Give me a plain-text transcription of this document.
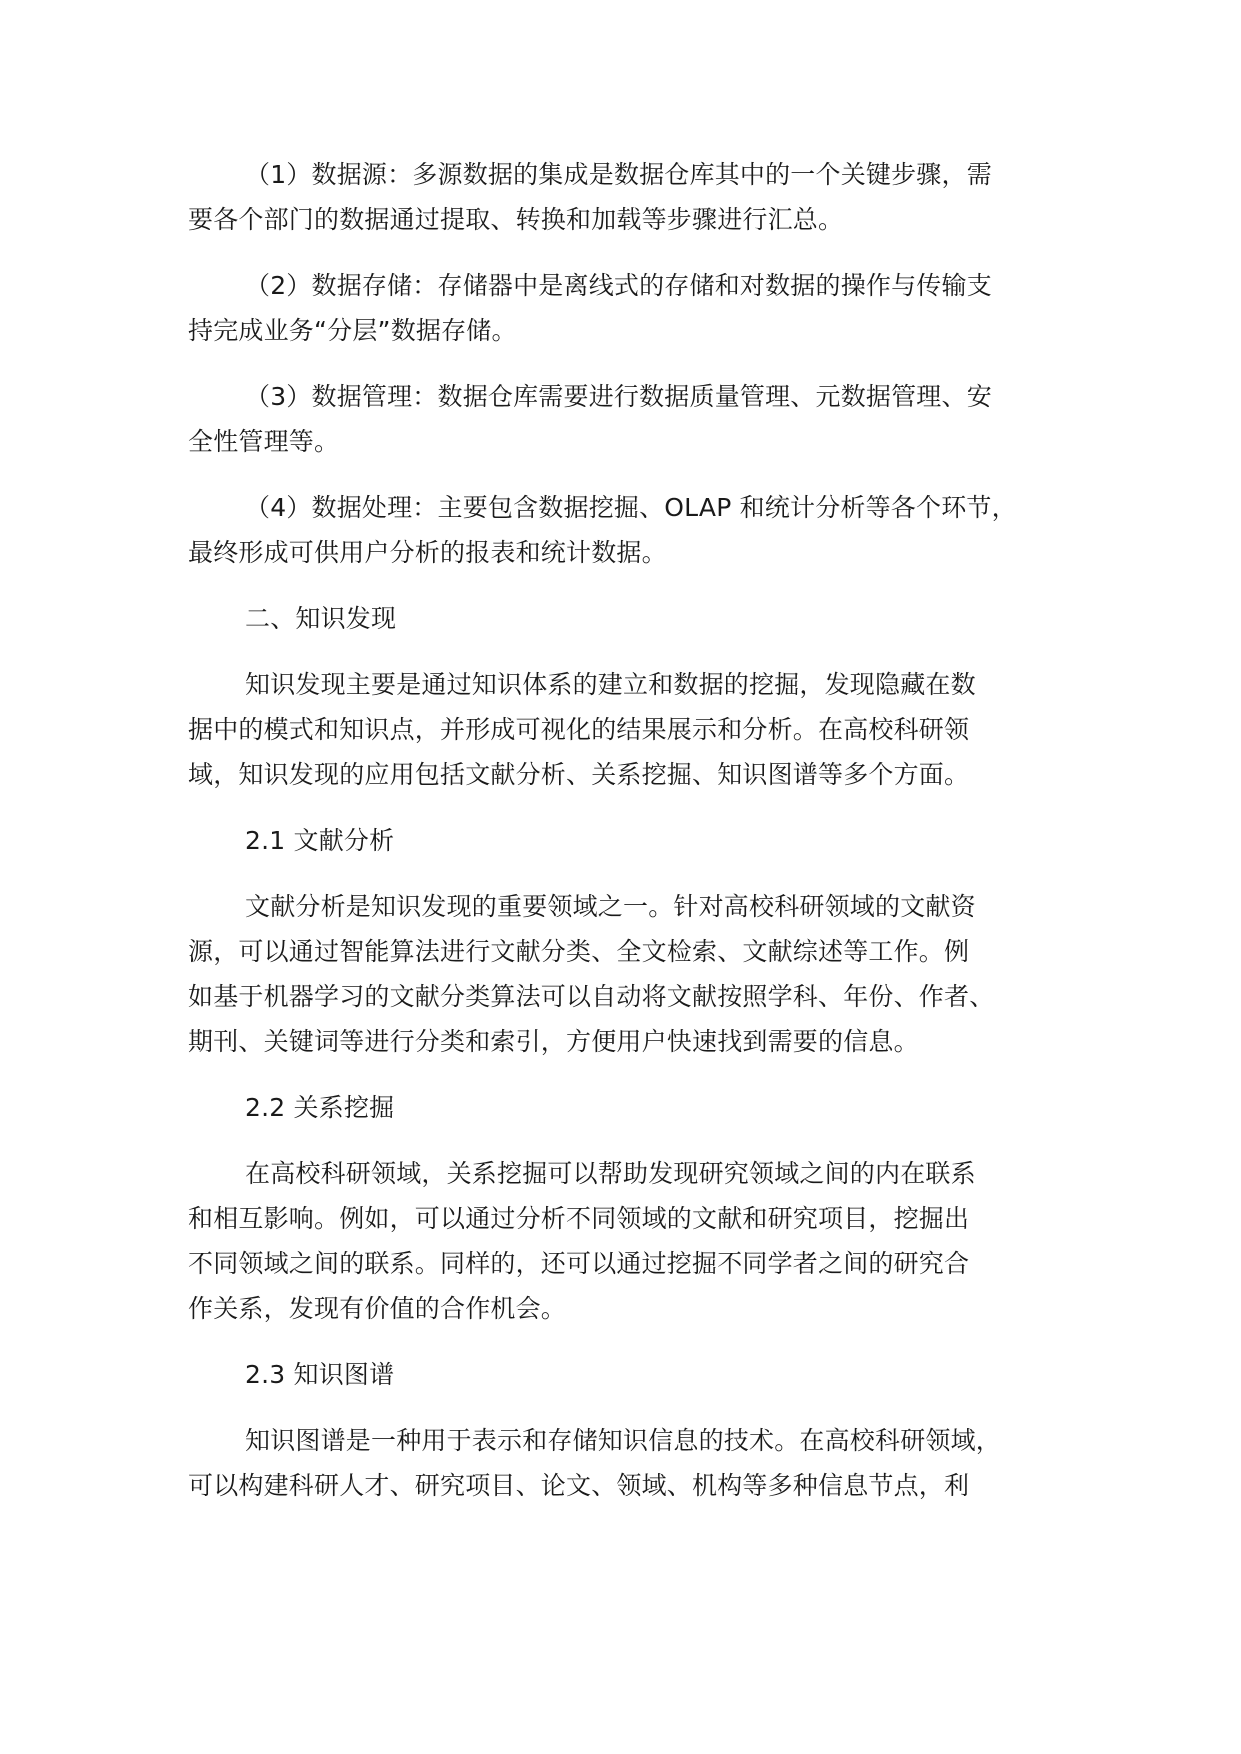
（1）数据源：多源数据的集成是数据仓库其中的一个关键步骤，需
要各个部门的数据通过提取、转换和加载等步骤进行汇总。
（2）数据存储：存储器中是离线式的存储和对数据的操作与传输支
持完成业务“分层”数据存储。
（3）数据管理：数据仓库需要进行数据质量管理、元数据管理、安
全性管理等。
（4）数据处理：主要包含数据挖掘、OLAP 和统计分析等各个环节，
最终形成可供用户分析的报表和统计数据。
二、知识发现
知识发现主要是通过知识体系的建立和数据的挖掘，发现隐藏在数
据中的模式和知识点，并形成可视化的结果展示和分析。在高校科研领
域，知识发现的应用包括文献分析、关系挖掘、知识图谱等多个方面。
2.1 文献分析
文献分析是知识发现的重要领域之一。针对高校科研领域的文献资
源，可以通过智能算法进行文献分类、全文检索、文献综述等工作。例
如基于机器学习的文献分类算法可以自动将文献按照学科、年份、作者、
期刊、关键词等进行分类和索引，方便用户快速找到需要的信息。
2.2 关系挖掘
在高校科研领域，关系挖掘可以帮助发现研究领域之间的内在联系
和相互影响。例如，可以通过分析不同领域的文献和研究项目，挖掘出
不同领域之间的联系。同样的，还可以通过挖掘不同学者之间的研究合
作关系，发现有价值的合作机会。
2.3 知识图谱
知识图谱是一种用于表示和存储知识信息的技术。在高校科研领域，
可以构建科研人才、研究项目、论文、领域、机构等多种信息节点，利
